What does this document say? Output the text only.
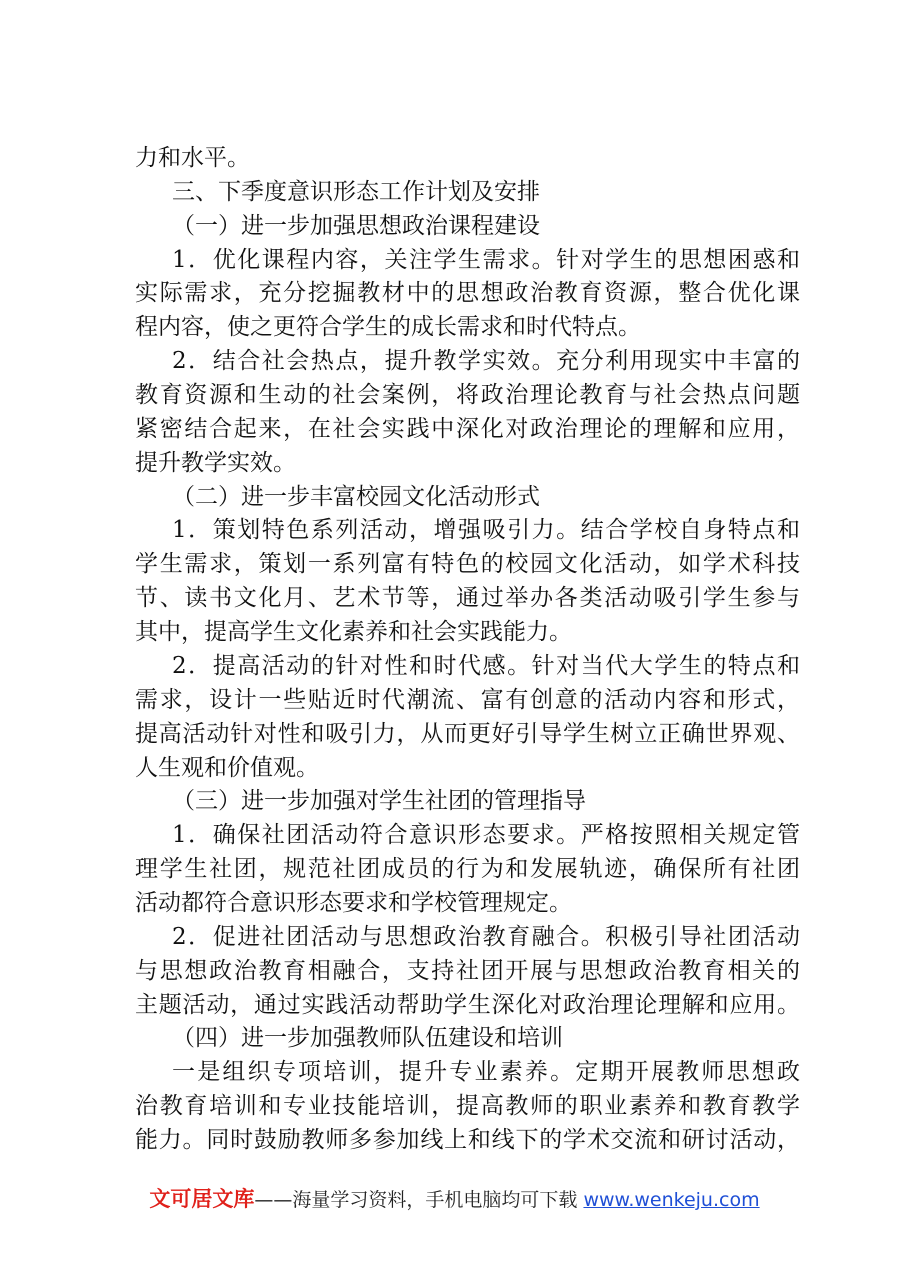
力和水平。
三、下季度意识形态工作计划及安排
（一）进一步加强思想政治课程建设
1．优化课程内容，关注学生需求。针对学生的思想困惑和
实际需求，充分挖掘教材中的思想政治教育资源，整合优化课
程内容，使之更符合学生的成长需求和时代特点。
2．结合社会热点，提升教学实效。充分利用现实中丰富的
教育资源和生动的社会案例，将政治理论教育与社会热点问题
紧密结合起来，在社会实践中深化对政治理论的理解和应用，
提升教学实效。
（二）进一步丰富校园文化活动形式
1．策划特色系列活动，增强吸引力。结合学校自身特点和
学生需求，策划一系列富有特色的校园文化活动，如学术科技
节、读书文化月、艺术节等，通过举办各类活动吸引学生参与
其中，提高学生文化素养和社会实践能力。
2．提高活动的针对性和时代感。针对当代大学生的特点和
需求，设计一些贴近时代潮流、富有创意的活动内容和形式，
提高活动针对性和吸引力，从而更好引导学生树立正确世界观、
人生观和价值观。
（三）进一步加强对学生社团的管理指导
1．确保社团活动符合意识形态要求。严格按照相关规定管
理学生社团，规范社团成员的行为和发展轨迹，确保所有社团
活动都符合意识形态要求和学校管理规定。
2．促进社团活动与思想政治教育融合。积极引导社团活动
与思想政治教育相融合，支持社团开展与思想政治教育相关的
主题活动，通过实践活动帮助学生深化对政治理论理解和应用。
（四）进一步加强教师队伍建设和培训
一是组织专项培训，提升专业素养。定期开展教师思想政
治教育培训和专业技能培训，提高教师的职业素养和教育教学
能力。同时鼓励教师多参加线上和线下的学术交流和研讨活动，
文可居文库——海量学习资料，手机电脑均可下载 www.wenkeju.com
